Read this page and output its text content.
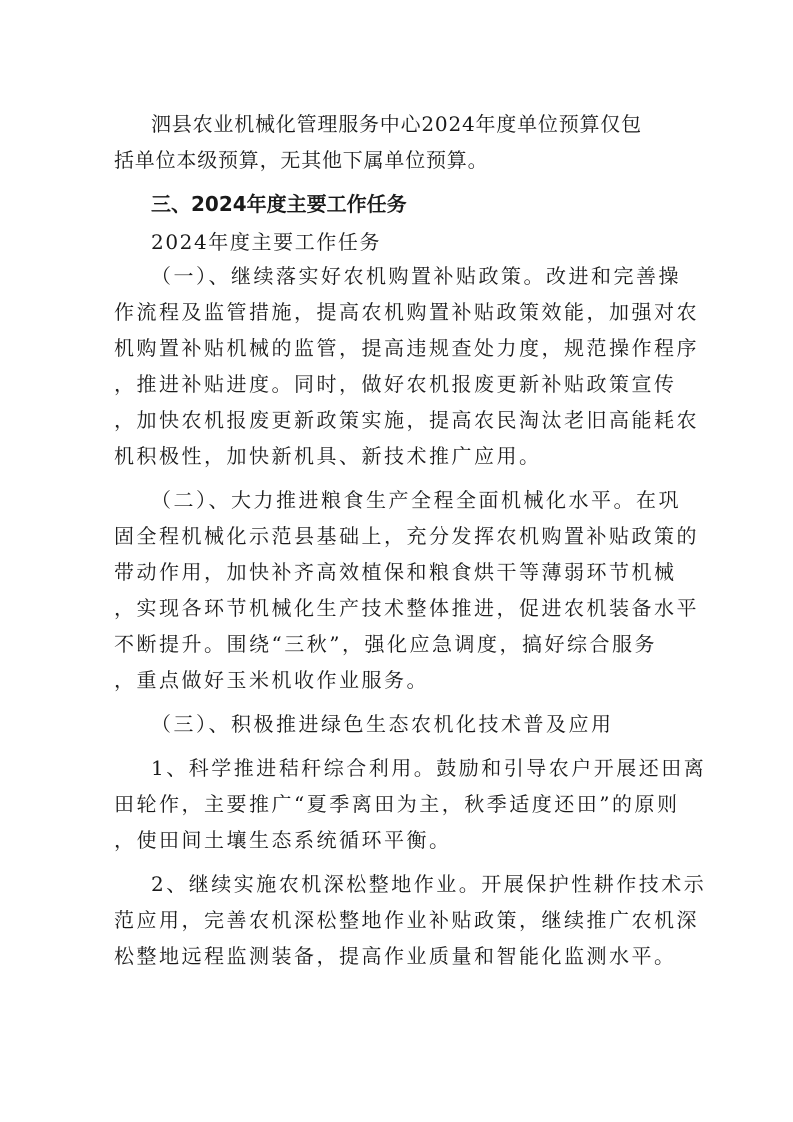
泗县农业机械化管理服务中心2024年度单位预算仅包
括单位本级预算，无其他下属单位预算。
三、2024年度主要工作任务
2024年度主要工作任务
（一）、继续落实好农机购置补贴政策。改进和完善操
作流程及监管措施，提高农机购置补贴政策效能，加强对农
机购置补贴机械的监管，提高违规查处力度，规范操作程序
，推进补贴进度。同时，做好农机报废更新补贴政策宣传
，加快农机报废更新政策实施，提高农民淘汰老旧高能耗农
机积极性，加快新机具、新技术推广应用。
（二）、大力推进粮食生产全程全面机械化水平。在巩
固全程机械化示范县基础上，充分发挥农机购置补贴政策的
带动作用，加快补齐高效植保和粮食烘干等薄弱环节机械
，实现各环节机械化生产技术整体推进，促进农机装备水平
不断提升。围绕“三秋”，强化应急调度，搞好综合服务
，重点做好玉米机收作业服务。
（三）、积极推进绿色生态农机化技术普及应用
1、科学推进秸秆综合利用。鼓励和引导农户开展还田离
田轮作，主要推广“夏季离田为主，秋季适度还田”的原则
，使田间土壤生态系统循环平衡。
2、继续实施农机深松整地作业。开展保护性耕作技术示
范应用，完善农机深松整地作业补贴政策，继续推广农机深
松整地远程监测装备，提高作业质量和智能化监测水平。
